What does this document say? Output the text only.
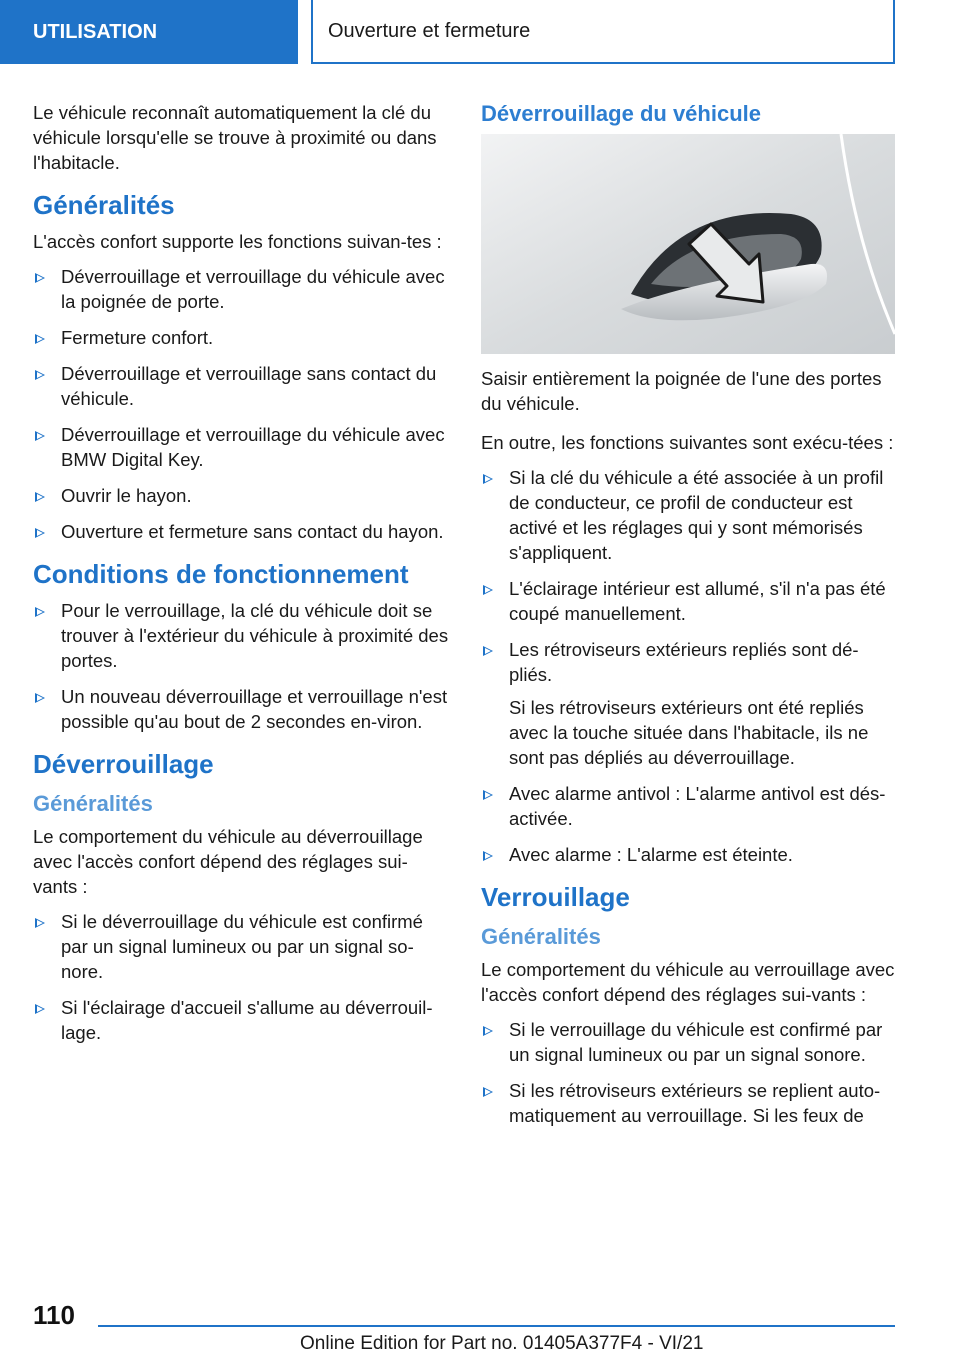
UTILISATION	Ouverture et fermeture

Le véhicule reconnaît automatiquement la clé du véhicule lorsqu'elle se trouve à proximité ou dans l'habitacle.

Généralités

L'accès confort supporte les fonctions suivan-tes :

Déverrouillage et verrouillage du véhicule avec la poignée de porte.
Fermeture confort.
Déverrouillage et verrouillage sans contact du véhicule.
Déverrouillage et verrouillage du véhicule avec BMW Digital Key.
Ouvrir le hayon.
Ouverture et fermeture sans contact du hayon.
Conditions de fonctionnement
Pour le verrouillage, la clé du véhicule doit se trouver à l'extérieur du véhicule à proximité des portes.
Un nouveau déverrouillage et verrouillage n'est possible qu'au bout de 2 secondes en-viron.
Déverrouillage
Généralités

Le comportement du véhicule au déverrouillage avec l'accès confort dépend des réglages sui-vants :

Si le déverrouillage du véhicule est confirmé par un signal lumineux ou par un signal so-nore.
Si l'éclairage d'accueil s'allume au déverrouil-lage.
Déverrouillage du véhicule

Saisir entièrement la poignée de l'une des portes du véhicule.

En outre, les fonctions suivantes sont exécu-tées :

Si la clé du véhicule a été associée à un profil de conducteur, ce profil de conducteur est activé et les réglages qui y sont mémorisés s'appliquent.
L'éclairage intérieur est allumé, s'il n'a pas été coupé manuellement.
Les rétroviseurs extérieurs repliés sont dé-pliés.
Si les rétroviseurs extérieurs ont été repliés avec la touche située dans l'habitacle, ils ne sont pas dépliés au déverrouillage.
Avec alarme antivol : L'alarme antivol est dés-activée.
Avec alarme : L'alarme est éteinte.
Verrouillage
Généralités

Le comportement du véhicule au verrouillage avec l'accès confort dépend des réglages sui-vants :

Si le verrouillage du véhicule est confirmé par un signal lumineux ou par un signal sonore.
Si les rétroviseurs extérieurs se replient auto-matiquement au verrouillage. Si les feux de
110
Online Edition for Part no. 01405A377F4 - VI/21
